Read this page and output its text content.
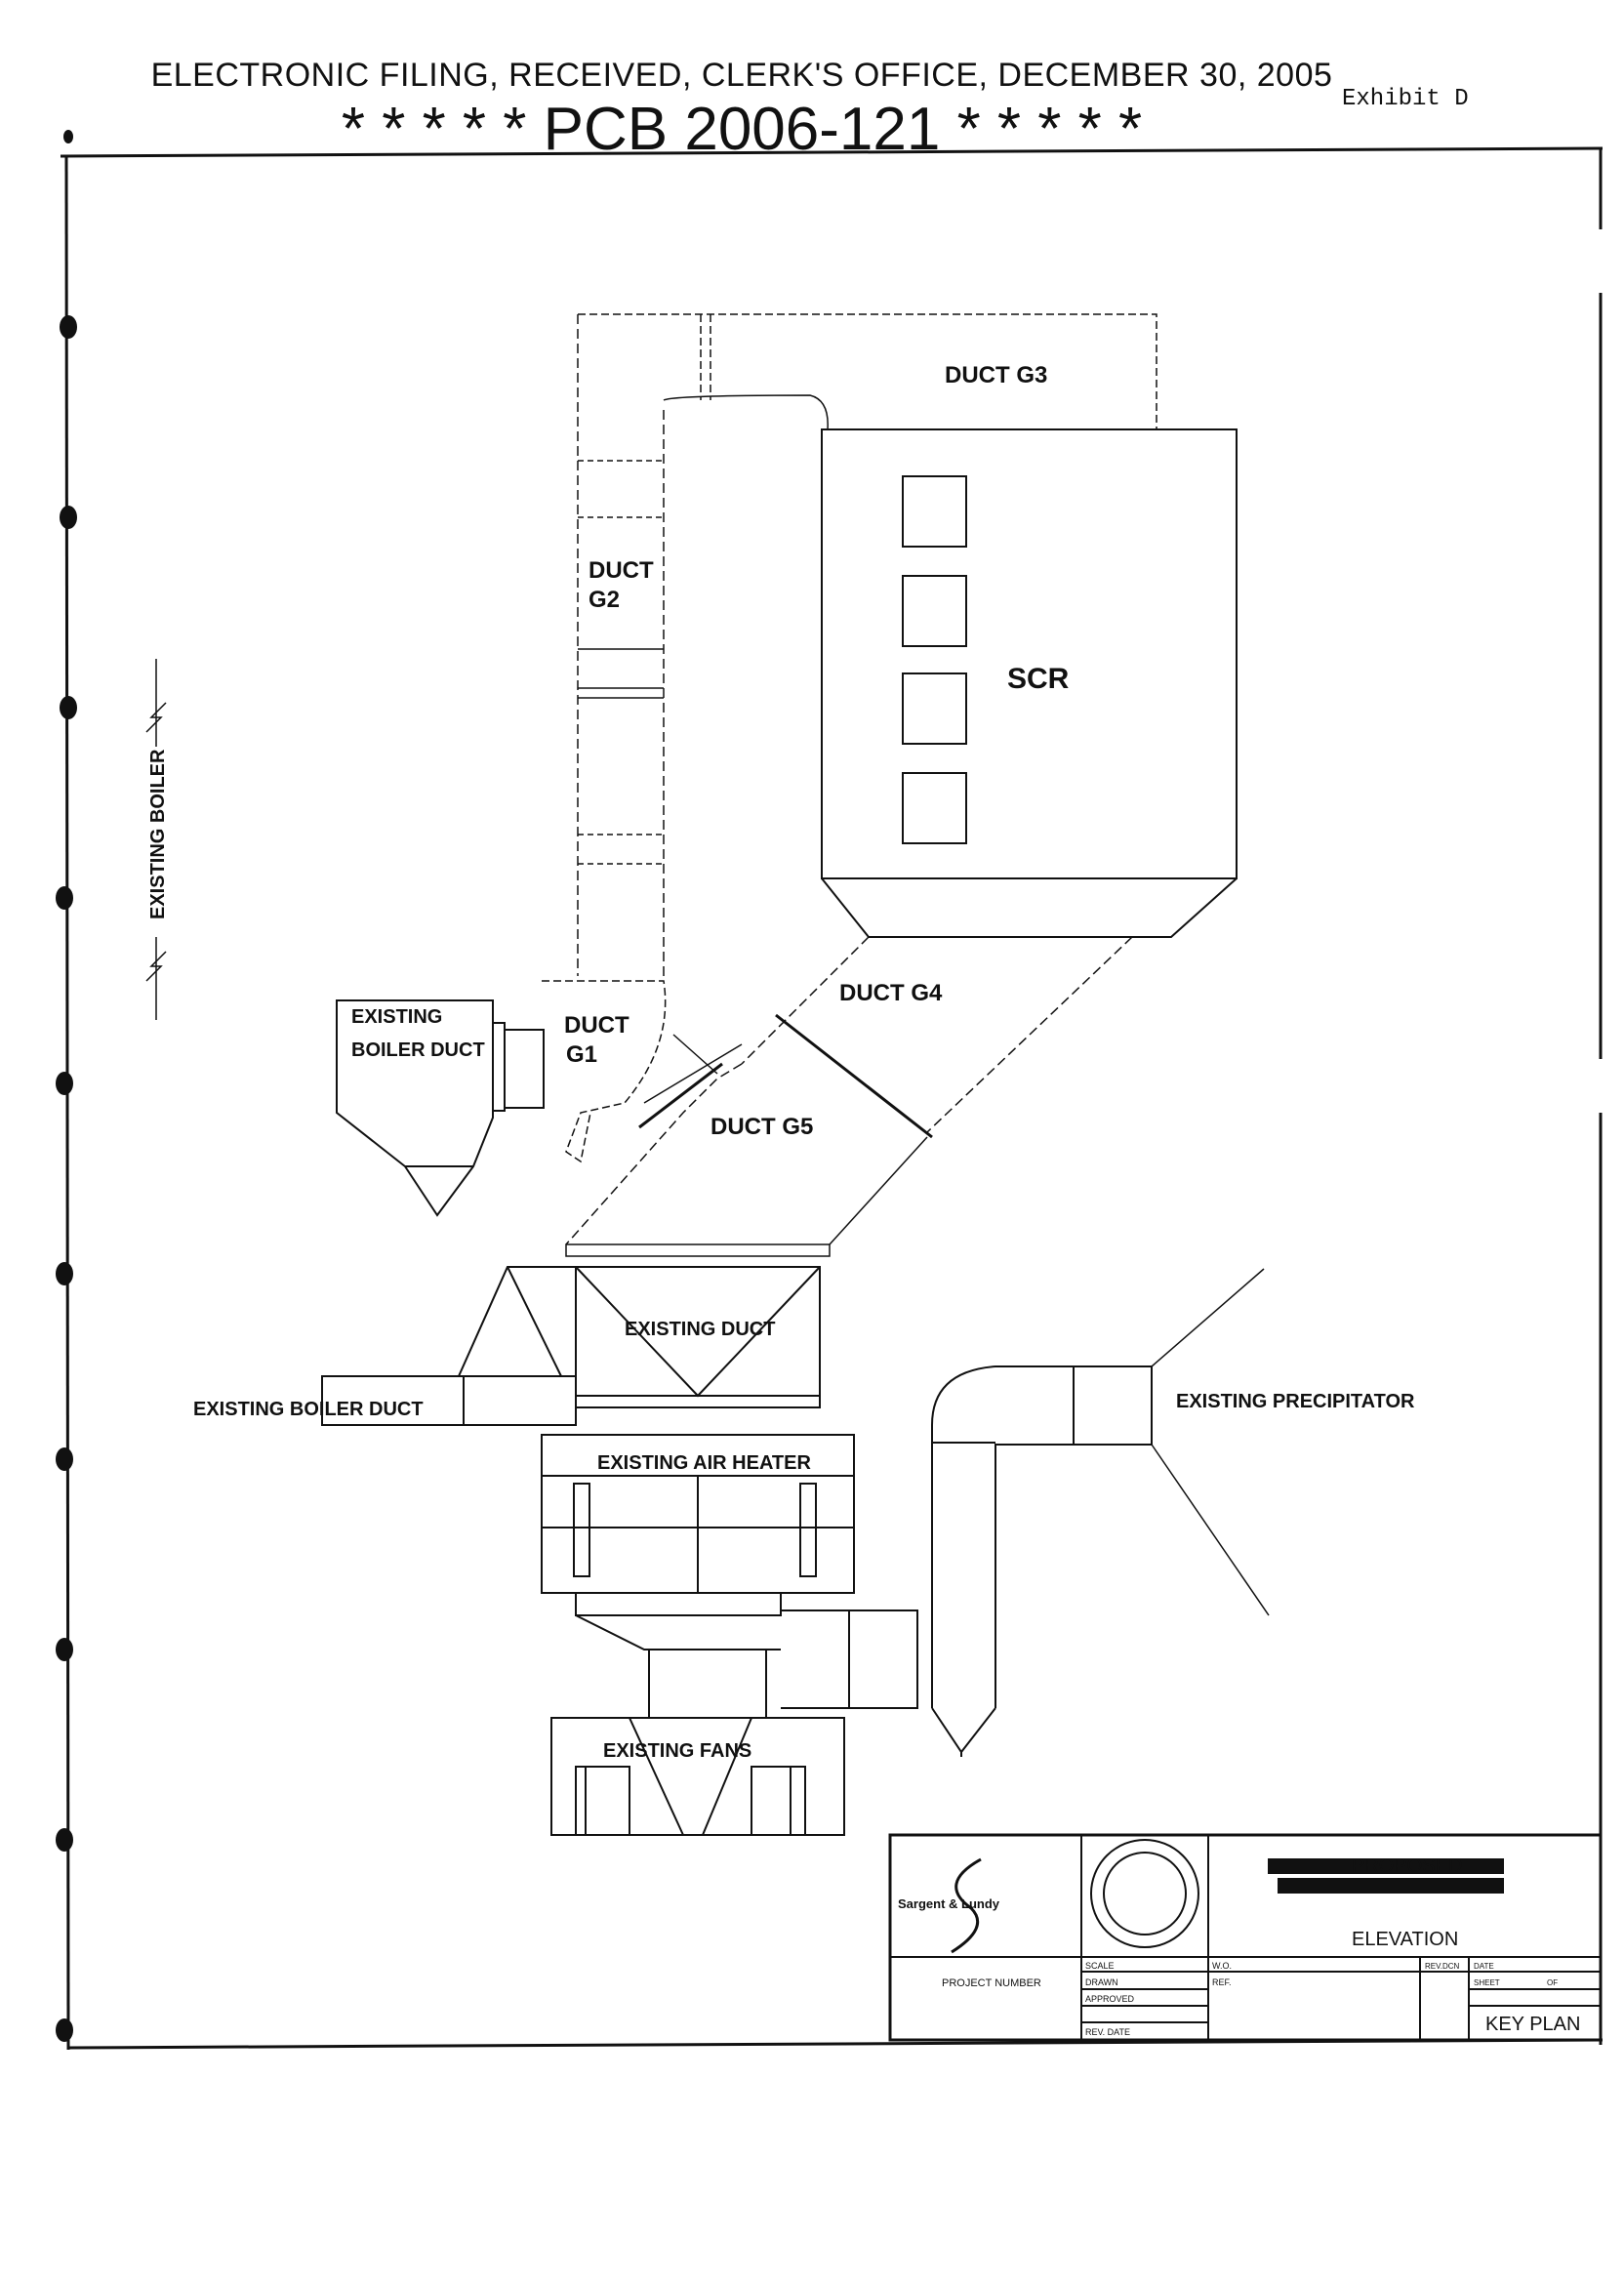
ELECTRONIC FILING, RECEIVED, CLERK'S OFFICE, DECEMBER 30, 2005
* * * * * PCB 2006-121 * * * * *	Exhibit D
DUCT G3
DUCT
G2
SCR
EXISTING BOILER
EXISTING
BOILER DUCT
DUCT
G1
DUCT G4
DUCT G5
EXISTING DUCT
EXISTING BOILER DUCT	EXISTING PRECIPITATOR
EXISTING AIR HEATER
EXISTING FANS
Sargent & Lundy
PROJECT NUMBER
PROPOSED
ELEVATION
SCALE
DRAWN
APPROVED
REV. DATE
W.O.
REF.
REV.DCN DATE
SHEET	OF
KEY PLAN
